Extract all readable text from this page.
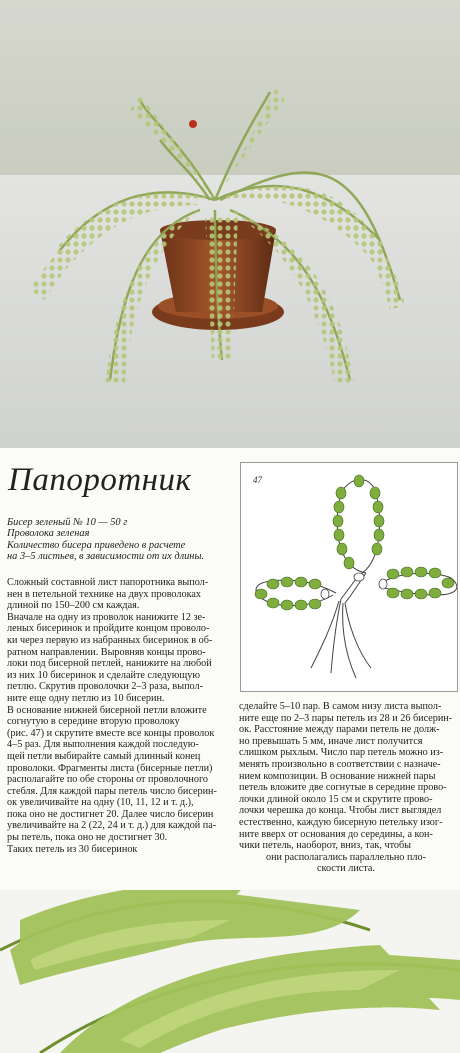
Папоротник
Бисер зеленый № 10 — 50 г
Проволока зеленая
Количество бисера приведено в расчете
на 3–5 листьев, в зависимости от их длины.
47

Сложный составной лист папоротника выпол-

нен в петельной технике на двух проволоках

длиной по 150–200 см каждая.

Вначале на одну из проволок нанижите 12 зе-

леных бисеринок и пройдите концом проволо-

ки через первую из набранных бисеринок в об-

ратном направлении. Выровняв концы прово-

локи под бисерной петлей, нанижите на любой

из них 10 бисеринок и сделайте следующую

петлю. Скрутив проволочки 2–3 раза, выпол-

ните еще одну петлю из 10 бисерин.

В основание нижней бисерной петли вложите

согнутую в середине вторую проволоку

(рис. 47) и скрутите вместе все концы проволок

4–5 раз. Для выполнения каждой последую-

щей петли выбирайте самый длинный конец

проволоки. Фрагменты листа (бисерные петли)

располагайте по обе стороны от проволочного

стебля. Для каждой пары петель число бисерин-

ок увеличивайте на одну (10, 11, 12 и т. д.),

пока оно не достигнет 20. Далее число бисерин

увеличивайте на 2 (22, 24 и т. д.) для каждой па-

ры петель, пока оно не достигнет 30.

Таких петель из 30 бисеринок

сделайте 5–10 пар. В самом низу листа выпол-

ните еще по 2–3 пары петель из 28 и 26 бисерин-

ок. Расстояние между парами петель не долж-

но превышать 5 мм, иначе лист получится

слишком рыхлым. Число пар петель можно из-

менять произвольно в соответствии с назначе-

нием композиции. В основание нижней пары

петель вложите две согнутые в середине прово-

лочки длиной около 15 см и скрутите прово-

лочки черешка до конца. Чтобы лист выглядел

естественно, каждую бисерную петельку изог-

ните вверх от основания до середины, а кон-

чики петель, наоборот, вниз, так, чтобы

они располагались параллельно пло-

скости листа.
